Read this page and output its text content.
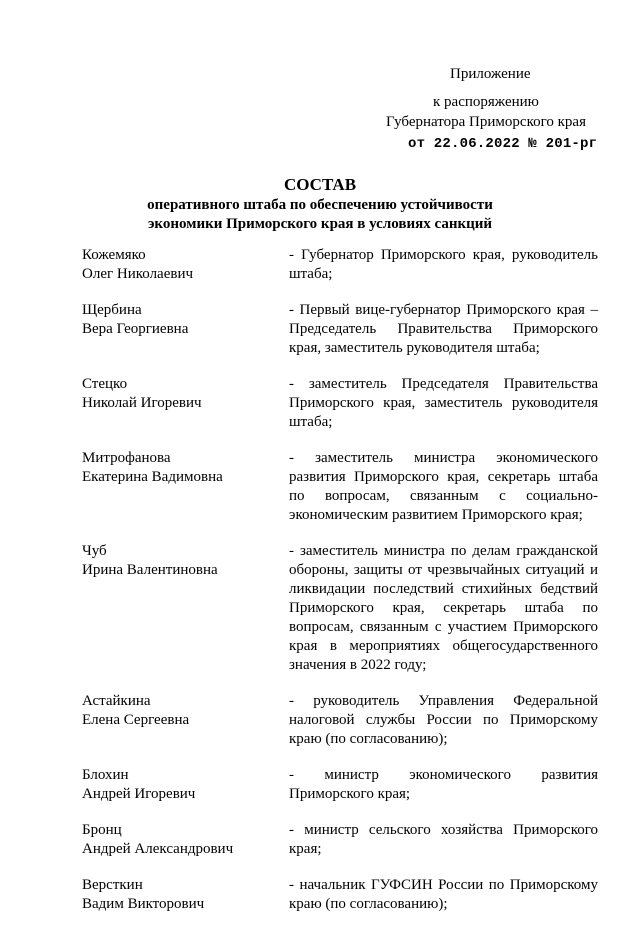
Приложение
к распоряжению
Губернатора Приморского края
от 22.06.2022 № 201-рг
СОСТАВ
оперативного штаба по обеспечению устойчивости
экономики Приморского края в условиях санкций
Кожемяко
Олег Николаевич
- Губернатор Приморского края, руководитель штаба;
Щербина
Вера Георгиевна
- Первый вице-губернатор Приморского края –Председатель Правительства Приморского края, заместитель руководителя штаба;
Стецко
Николай Игоревич
- заместитель Председателя Правительства Приморского края, заместитель руководителя штаба;
Митрофанова
Екатерина Вадимовна
- заместитель министра экономического развития Приморского края, секретарь штаба по вопросам, связанным с социально-экономическим развитием Приморского края;
Чуб
Ирина Валентиновна
- заместитель министра по делам гражданской обороны, защиты от чрезвычайных ситуаций и ликвидации последствий стихийных бедствий Приморского края, секретарь штаба по вопросам, связанным с участием Приморского края в мероприятиях общегосударственного значения в 2022 году;
Астайкина
Елена Сергеевна
- руководитель Управления Федеральной налоговой службы России по Приморскому краю (по согласованию);
Блохин
Андрей Игоревич
- министр экономического развития Приморского края;
Бронц
Андрей Александрович
- министр сельского хозяйства Приморского края;
Версткин
Вадим Викторович
- начальник ГУФСИН России по Приморскому краю (по согласованию);
